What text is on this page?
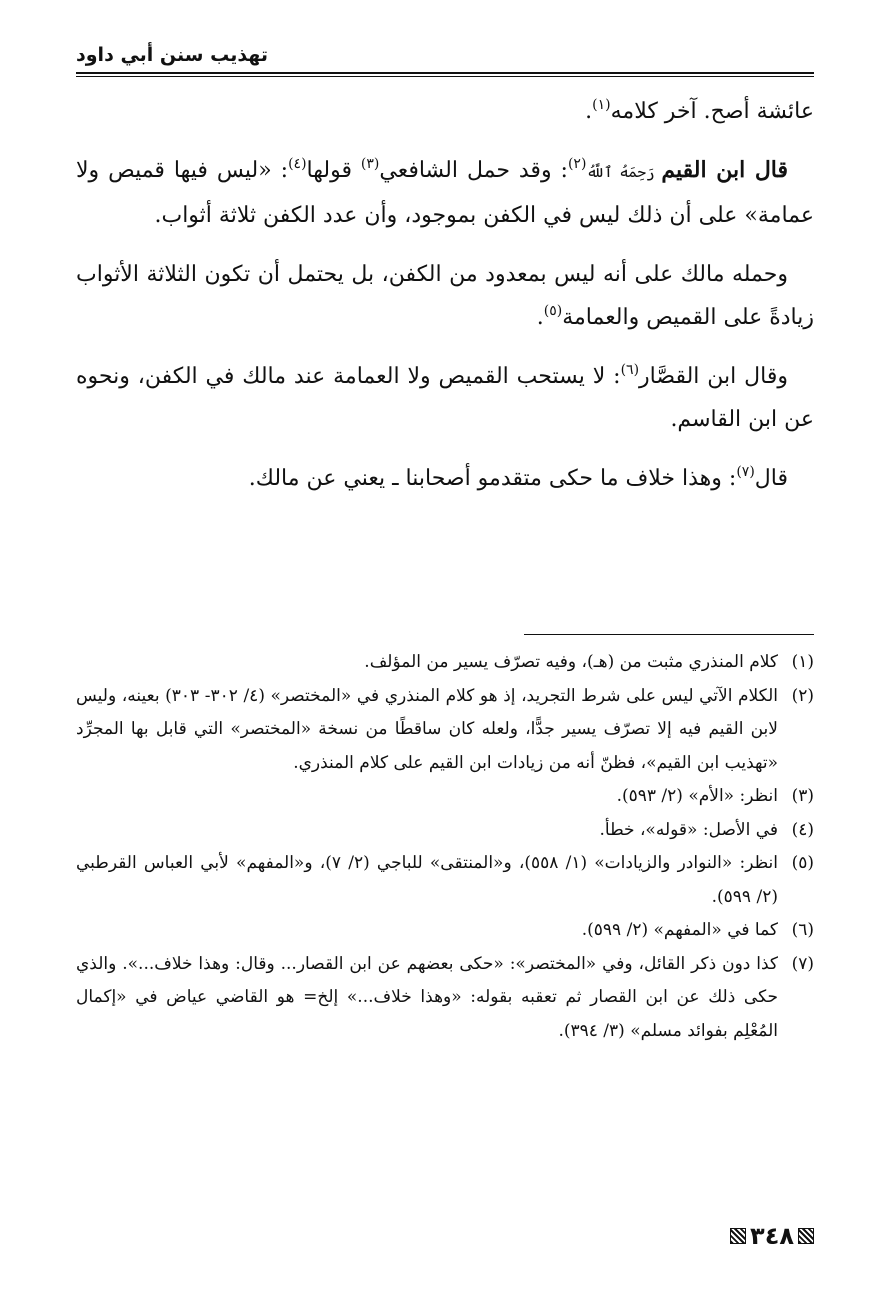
تهذيب سنن أبي داود

عائشة أصح. آخر كلامه$^{(١)}$.

قال ابن القيم رَحِمَهُ ٱللَّهُ$^{(٢)}$: وقد حمل الشافعي$^{(٣)}$ قولها$^{(٤)}$: «ليس فيها قميص ولا عمامة» على أن ذلك ليس في الكفن بموجود، وأن عدد الكفن ثلاثة أثواب.

وحمله مالك على أنه ليس بمعدود من الكفن، بل يحتمل أن تكون الثلاثة الأثواب زيادةً على القميص والعمامة$^{(٥)}$.

وقال ابن القصَّار$^{(٦)}$: لا يستحب القميص ولا العمامة عند مالك في الكفن، ونحوه عن ابن القاسم.

قال$^{(٧)}$: وهذا خلاف ما حكى متقدمو أصحابنا ـ يعني عن مالك.

(١)
كلام المنذري مثبت من (هـ)، وفيه تصرّف يسير من المؤلف.
(٢)
الكلام الآتي ليس على شرط التجريد، إذ هو كلام المنذري في «المختصر» (٤/ ٣٠٢- ٣٠٣) بعينه، وليس لابن القيم فيه إلا تصرّف يسير جدًّا، ولعله كان ساقطًا من نسخة «المختصر» التي قابل بها المجرِّد «تهذيب ابن القيم»، فظنّ أنه من زيادات ابن القيم على كلام المنذري.
(٣)
انظر: «الأم» (٢/ ٥٩٣).
(٤)
في الأصل: «قوله»، خطأ.
(٥)
انظر: «النوادر والزيادات» (١/ ٥٥٨)، و«المنتقى» للباجي (٢/ ٧)، و«المفهم» لأبي العباس القرطبي (٢/ ٥٩٩).
(٦)
كما في «المفهم» (٢/ ٥٩٩).
(٧)
كذا دون ذكر القائل، وفي «المختصر»: «حكى بعضهم عن ابن القصار... وقال: وهذا خلاف...». والذي حكى ذلك عن ابن القصار ثم تعقبه بقوله: «وهذا خلاف...» إلخ= هو القاضي عياض في «إكمال المُعْلِم بفوائد مسلم» (٣/ ٣٩٤).
٣٤٨
